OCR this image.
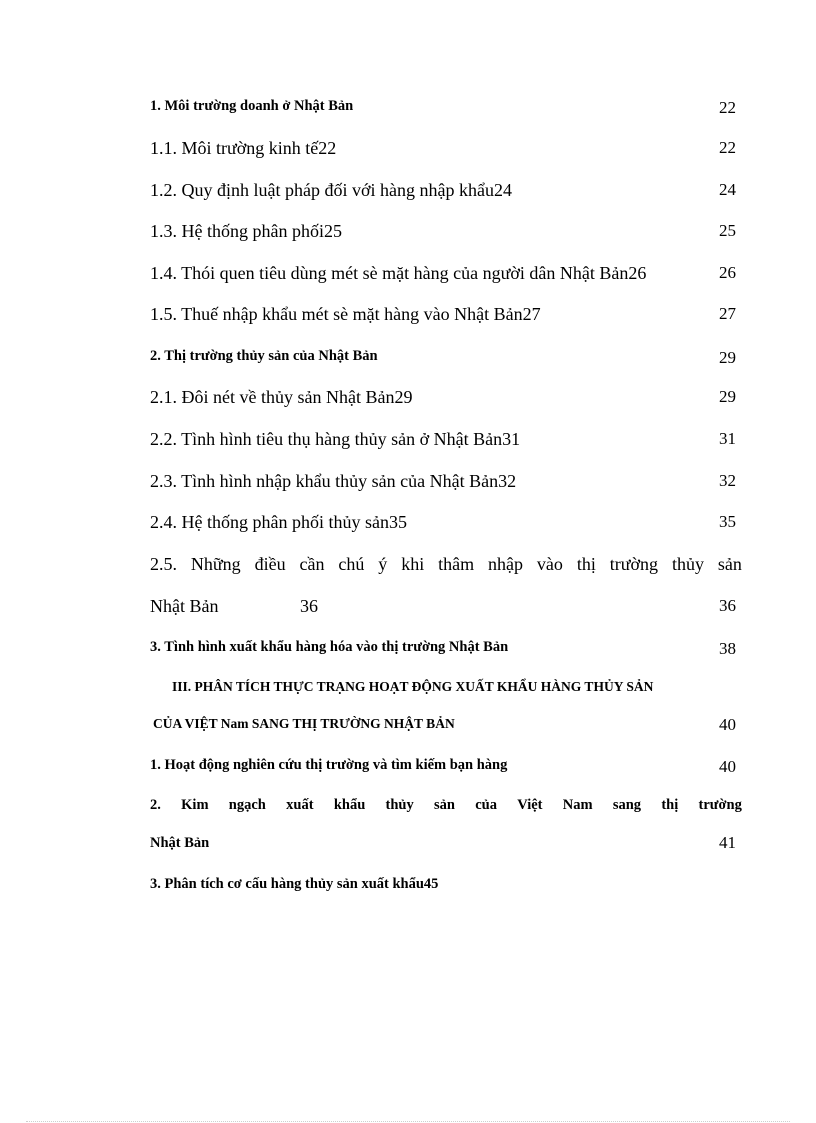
1. Môi trường doanh ở Nhật Bản	22
1.1. Môi trường kinh tế22	22
1.2. Quy định luật pháp đối với hàng nhập khẩu24	24
1.3. Hệ thống phân phối25	25
1.4. Thói quen tiêu dùng mét sè mặt hàng của người dân Nhật Bản26	26
1.5. Thuế nhập khẩu mét sè mặt hàng vào Nhật Bản27	27
2. Thị trường thủy sản của Nhật Bản	29
2.1. Đôi nét về thủy sản Nhật Bản29	29
2.2. Tình hình tiêu thụ hàng thủy sản ở Nhật Bản31	31
2.3. Tình hình nhập khẩu thủy sản của Nhật Bản32	32
2.4. Hệ thống phân phối thủy sản35	35
2.5. Những điều cần chú ý khi thâm nhập vào thị trường thủy sản
Nhật Bản	36	36
3. Tình hình xuất khẩu hàng hóa vào thị trường Nhật Bản	38
III. PHÂN TÍCH THỰC TRẠNG HOẠT ĐỘNG XUẤT KHẨU HÀNG THỦY SẢN
CỦA VIỆT Nam SANG THỊ TRƯỜNG NHẬT BẢN	40
1. Hoạt động nghiên cứu thị trường và tìm kiếm bạn hàng	40
2. Kim ngạch xuất khẩu thủy sản của Việt Nam sang thị trường
Nhật Bản	41
3. Phân tích cơ cấu hàng thủy sản xuất khẩu45
